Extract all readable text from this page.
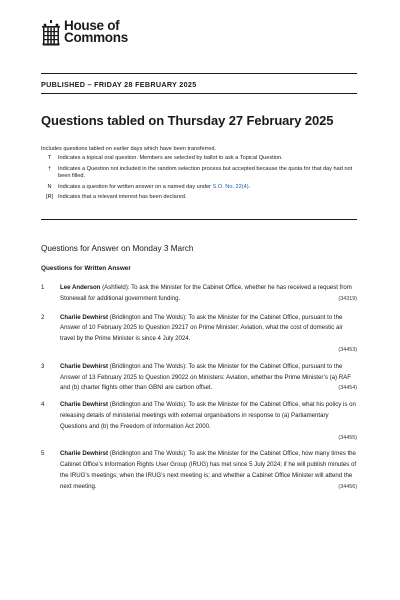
House of
Commons
PUBLISHED – FRIDAY 28 FEBRUARY 2025
Questions tabled on Thursday 27 February 2025
Includes questions tabled on earlier days which have been transferred.
T	Indicates a topical oral question. Members are selected by ballot to ask a Topical Question.
†	Indicates a Question not included in the random selection process but accepted because the quota for that day had not been filled.
N	Indicates a question for written answer on a named day under S.O. No. 22(4).
[R] Indicates that a relevant interest has been declared.
Questions for Answer on Monday 3 March
Questions for Written Answer
1	Lee Anderson (Ashfield): To ask the Minister for the Cabinet Office, whether he has received a request from Stonewall for additional government funding.	(34319)
2	Charlie Dewhirst (Bridlington and The Wolds): To ask the Minister for the Cabinet Office, pursuant to the Answer of 10 February 2025 to Question 29217 on Prime Minister: Aviation, what the cost of domestic air travel by the Prime Minister is since 4 July 2024.
(34453)
3	Charlie Dewhirst (Bridlington and The Wolds): To ask the Minister for the Cabinet Office, pursuant to the Answer of 13 February 2025 to Question 29022 on Ministers: Aviation, whether the Prime Minister’s (a) RAF and (b) charter flights other than GBNI are carbon offset.	(34454)
4	Charlie Dewhirst (Bridlington and The Wolds): To ask the Minister for the Cabinet Office, what his policy is on releasing details of ministerial meetings with external organisations in response to (a) Parliamentary Questions and (b) the Freedom of Information Act 2000.
(34455)
5	Charlie Dewhirst (Bridlington and The Wolds): To ask the Minister for the Cabinet Office, how many times the Cabinet Office’s Information Rights User Group (IRUG) has met since 5 July 2024; if he will publish minutes of the IRUG’s meetings; when the IRUG’s next meeting is; and whether a Cabinet Office Minister will attend the next meeting.	(34456)
